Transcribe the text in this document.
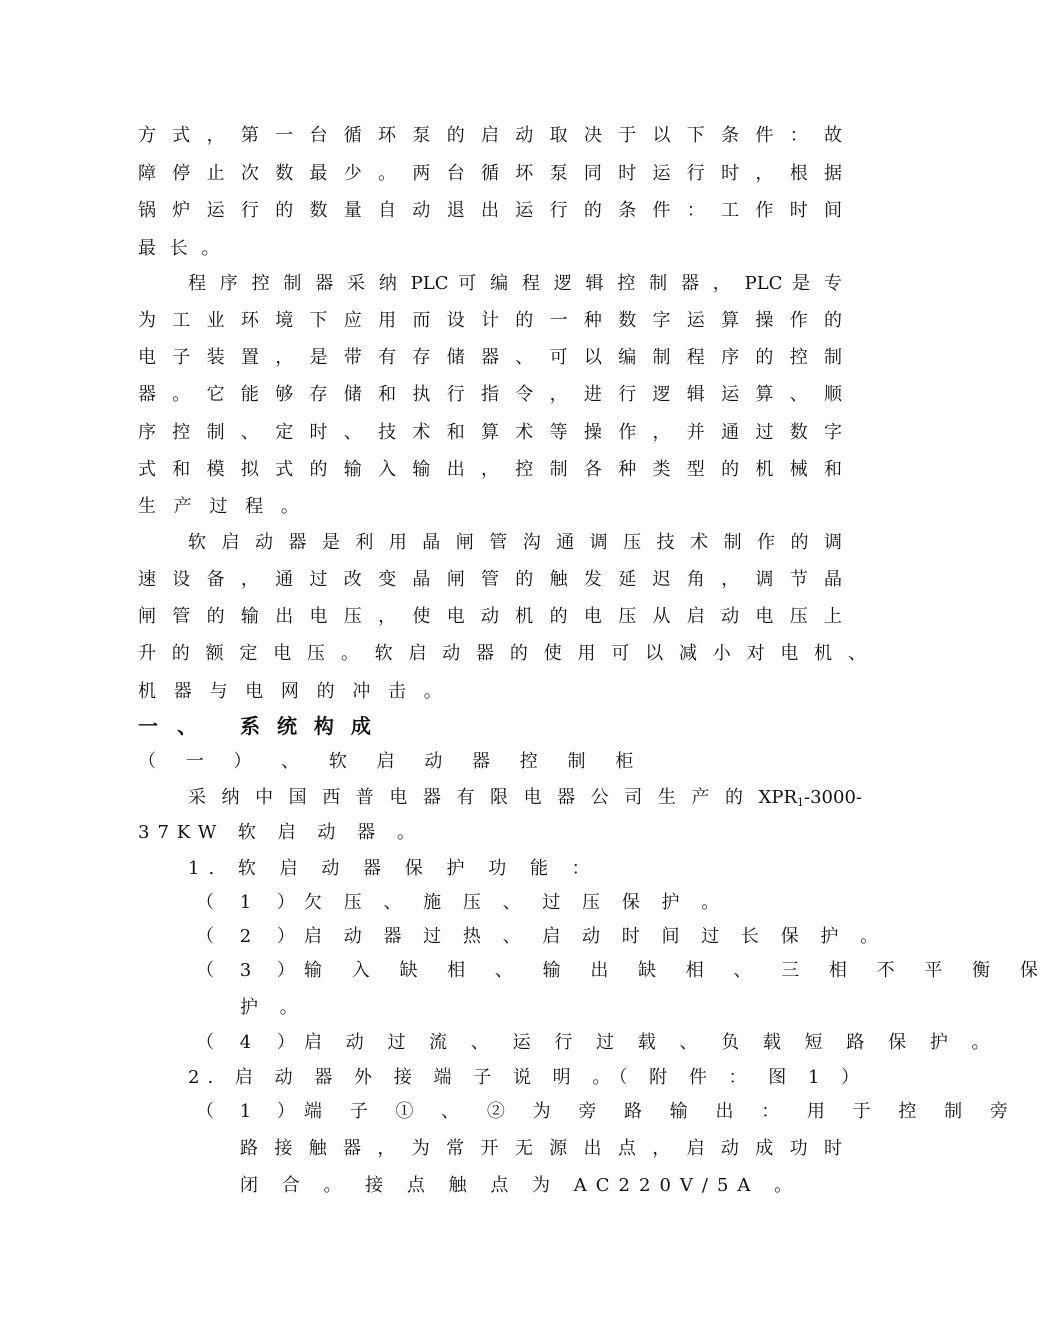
方 式 ， 第 一 台 循 环 泵 的 启 动 取 决 于 以 下 条 件 ： 故
障 停 止 次 数 最 少 。 两 台 循 坏 泵 同 时 运 行 时 ， 根 据
锅 炉 运 行 的 数 量 自 动 退 出 运 行 的 条 件 ： 工 作 时 间
最 长 。
程 序 控 制 器 采 纳 PLC 可 编 程 逻 辑 控 制 器 ， PLC 是 专
为 工 业 环 境 下 应 用 而 设 计 的 一 种 数 字 运 算 操 作 的
电 子 装 置 ， 是 带 有 存 储 器 、 可 以 编 制 程 序 的 控 制
器 。 它 能 够 存 储 和 执 行 指 令 ， 进 行 逻 辑 运 算 、 顺
序 控 制 、 定 时 、 技 术 和 算 术 等 操 作 ， 并 通 过 数 字
式 和 模 拟 式 的 输 入 输 出 ， 控 制 各 种 类 型 的 机 械 和
生 产 过 程 。
软 启 动 器 是 利 用 晶 闸 管 沟 通 调 压 技 术 制 作 的 调
速 设 备 ， 通 过 改 变 晶 闸 管 的 触 发 延 迟 角 ， 调 节 晶
闸 管 的 输 出 电 压 ， 使 电 动 机 的 电 压 从 启 动 电 压 上
升 的 额 定 电 压 。 软 启 动 器 的 使 用 可 以 减 小 对 电 机 、
机 器 与 电 网 的 冲 击 。
一 、 系 统 构 成
（ 一 ） 、 软 启 动 器 控 制 柜
采 纳 中 国 西 普 电 器 有 限 电 器 公 司 生 产 的 $XPR_1-3000-$
37KW 软 启 动 器 。
1. 软 启 动 器 保 护 功 能 ：
（ 1 ）欠 压 、 施 压 、 过 压 保 护 。
（ 2 ）启 动 器 过 热 、 启 动 时 间 过 长 保 护 。
（ 3 ）输 入 缺 相 、 输 出 缺 相 、 三 相 不 平 衡 保
护 。
（ 4 ）启 动 过 流 、 运 行 过 载 、 负 载 短 路 保 护 。
2. 启 动 器 外 接 端 子 说 明 。（ 附 件 ： 图 1 ）
（ 1 ）端 子 ① 、 ② 为 旁 路 输 出 ： 用 于 控 制 旁
路 接 触 器 ， 为 常 开 无 源 出 点 ， 启 动 成 功 时
闭 合 。 接 点 触 点 为 AC220V/5A 。
